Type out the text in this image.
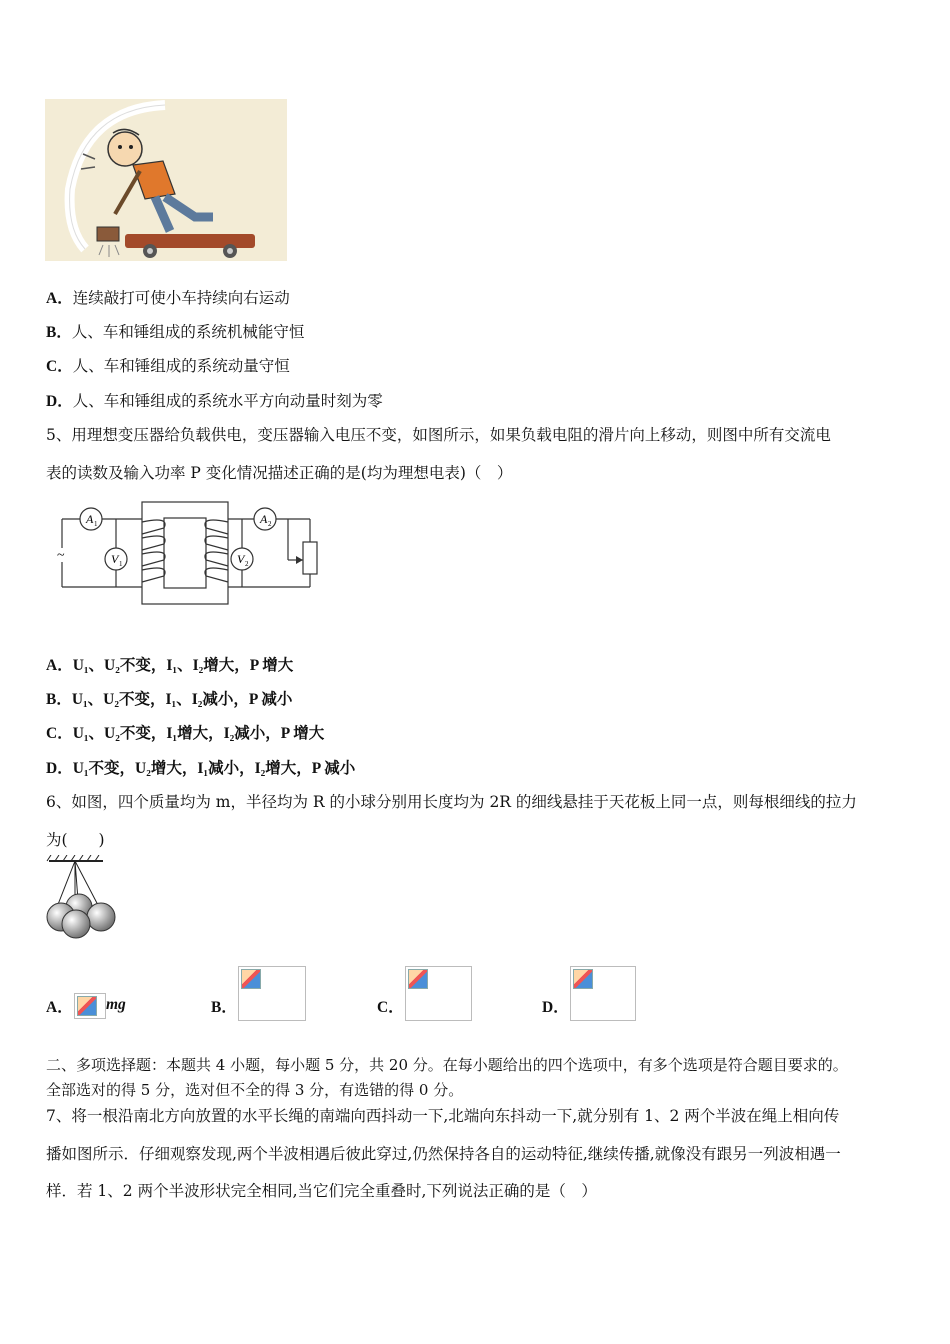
A．连续敲打可使小车持续向右运动
B．人、车和锤组成的系统机械能守恒
C．人、车和锤组成的系统动量守恒
D．人、车和锤组成的系统水平方向动量时刻为零
5、用理想变压器给负载供电，变压器输入电压不变，如图所示，如果负载电阻的滑片向上移动，则图中所有交流电
表的读数及输入功率 P 变化情况描述正确的是(均为理想电表)（　）
A 1	A 2
V 1	V 2
~
A．U₁、U₂不变，I₁、I₂增大，P 增大
B．U₁、U₂不变，I₁、I₂减小，P 减小
C．U₁、U₂不变，I₁增大，I₂减小，P 增大
D．U₁不变，U₂增大，I₁减小，I₂增大，P 减小
6、如图，四个质量均为 m，半径均为 R 的小球分别用长度均为 2R 的细线悬挂于天花板上同一点，则每根细线的拉力
为(　　)
A． mg	B．	C．	D．
二、多项选择题：本题共 4 小题，每小题 5 分，共 20 分。在每小题给出的四个选项中，有多个选项是符合题目要求的。
全部选对的得 5 分，选对但不全的得 3 分，有选错的得 0 分。
7、将一根沿南北方向放置的水平长绳的南端向西抖动一下,北端向东抖动一下,就分别有 1、2 两个半波在绳上相向传
播如图所示．仔细观察发现,两个半波相遇后彼此穿过,仍然保持各自的运动特征,继续传播,就像没有跟另一列波相遇一
样．若 1、2 两个半波形状完全相同,当它们完全重叠时,下列说法正确的是（　）
